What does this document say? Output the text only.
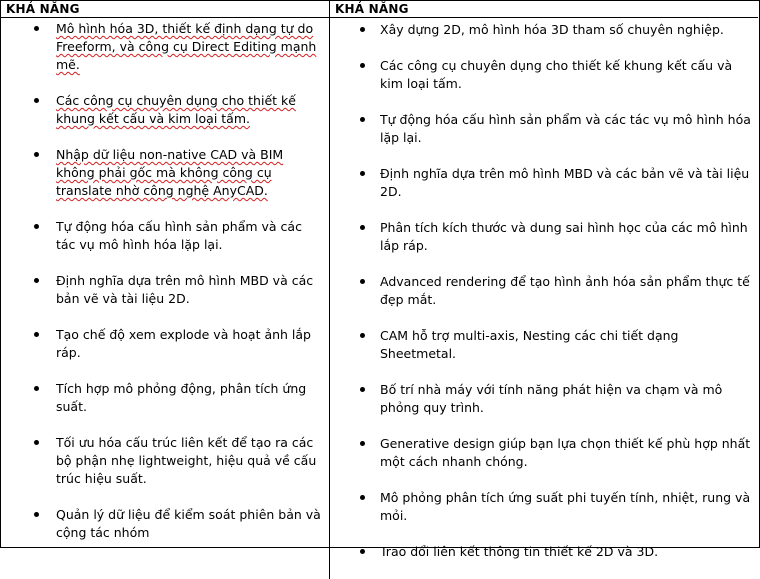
KHẢ NĂNG	KHẢ NĂNG
Mô hình hóa 3D, thiết kế định dạng tự do Freeform, và công cụ Direct Editing mạnh mẽ.
Các công cụ chuyên dụng cho thiết kế khung kết cấu và kim loại tấm.
Nhập dữ liệu non-native CAD và BIM không phải gốc mà không công cụ translate nhờ công nghệ AnyCAD.
Tự động hóa cấu hình sản phẩm và các tác vụ mô hình hóa lặp lại.
Định nghĩa dựa trên mô hình MBD và các bản vẽ và tài liệu 2D.
Tạo chế độ xem explode và hoạt ảnh lắp ráp.
Tích hợp mô phỏng động, phân tích ứng suất.
Tối ưu hóa cấu trúc liên kết để tạo ra các bộ phận nhẹ lightweight, hiệu quả về cấu trúc hiệu suất.
Quản lý dữ liệu để kiểm soát phiên bản và cộng tác nhóm
Xây dựng 2D, mô hình hóa 3D tham số chuyên nghiệp.
Các công cụ chuyên dụng cho thiết kế khung kết cấu và kim loại tấm.
Tự động hóa cấu hình sản phẩm và các tác vụ mô hình hóa lặp lại.
Định nghĩa dựa trên mô hình MBD và các bản vẽ và tài liệu 2D.
Phân tích kích thước và dung sai hình học của các mô hình lắp ráp.
Advanced rendering để tạo hình ảnh hóa sản phẩm thực tế đẹp mắt.
CAM hỗ trợ multi-axis, Nesting các chi tiết dạng Sheetmetal.
Bố trí nhà máy với tính năng phát hiện va chạm và mô phỏng quy trình.
Generative design giúp bạn lựa chọn thiết kế phù hợp nhất một cách nhanh chóng.
Mô phỏng phân tích ứng suất phi tuyến tính, nhiệt, rung và mỏi.
Trao đổi liên kết thông tin thiết kế 2D và 3D.
